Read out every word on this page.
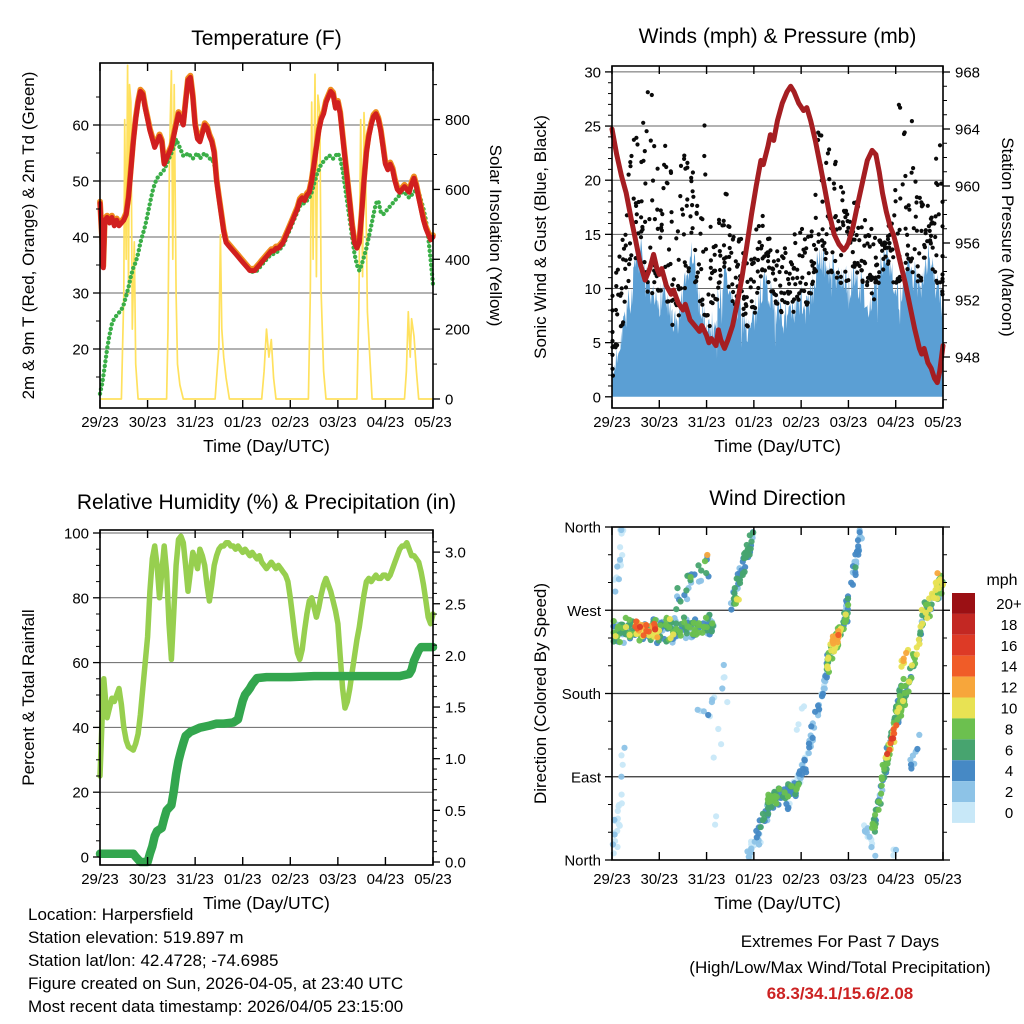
20
30
40
50
60
0
200
400
600
800
29/23 30/23 31/23 01/23 02/23 03/23 04/23 05/23
Time (Day/UTC)
2m & 9m T (Red, Orange) & 2m Td (Green)	Solar Insolation (Yellow)
Temperature (F)
0
5
10
15
20
25
30
948
952
956
960
964
968
29/23 30/23 31/23 01/23 02/23 03/23 04/23 05/23
Time (Day/UTC)
Sonic Wind & Gust (Blue, Black)	Station Pressure (Maroon)
Winds (mph) & Pressure (mb)
0
20
40
60
80
100
0.0
0.5
1.0
1.5
2.0
2.5
3.0
29/23 30/23 31/23 01/23 02/23 03/23 04/23 05/23
Time (Day/UTC)
Percent & Total Rainfall
Relative Humidity (%) & Precipitation (in)
North
West
South
East
North
29/23 30/23 31/23 01/23 02/23 03/23 04/23 05/23
Time (Day/UTC)
Direction (Colored By Speed)
Wind Direction
mph
20+
18
16
14
12
10
8
6
4
2
0
Location: Harpersfield
Station elevation: 519.897 m
Station lat/lon: 42.4728; -74.6985
Figure created on Sun, 2026-04-05, at 23:40 UTC
Most recent data timestamp: 2026/04/05 23:15:00
Extremes For Past 7 Days
(High/Low/Max Wind/Total Precipitation)
68.3/34.1/15.6/2.08
